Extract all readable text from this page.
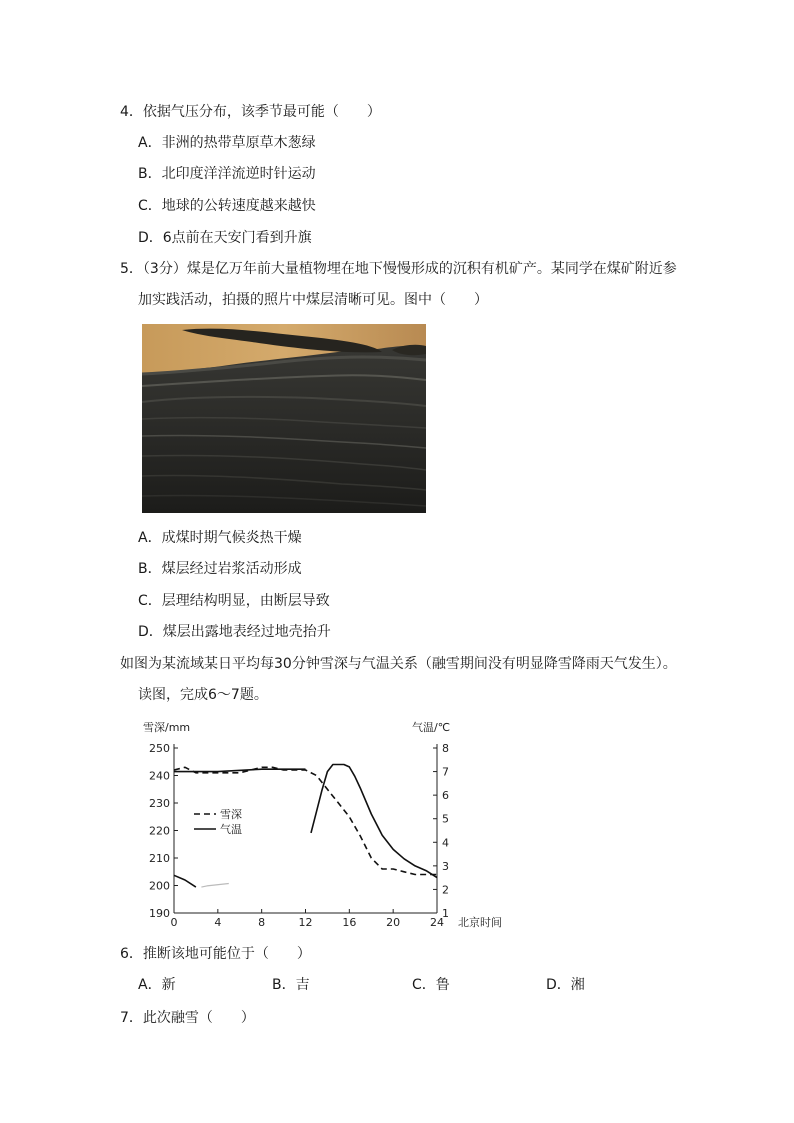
4．依据气压分布，该季节最可能（　　）
A．非洲的热带草原草木葱绿
B．北印度洋洋流逆时针运动
C．地球的公转速度越来越快
D．6点前在天安门看到升旗
5．（3分）煤是亿万年前大量植物埋在地下慢慢形成的沉积有机矿产。某同学在煤矿附近参
加实践活动，拍摄的照片中煤层清晰可见。图中（　　）
A．成煤时期气候炎热干燥
B．煤层经过岩浆活动形成
C．层理结构明显，由断层导致
D．煤层出露地表经过地壳抬升
如图为某流域某日平均每30分钟雪深与气温关系（融雪期间没有明显降雪降雨天气发生）。
读图，完成6～7题。
雪深/mm	气温/℃
北京时间
190
200
210
220
230
240
250
1
2
3
4
5
6
7
8
0	4	8	12	16	20	24
雪深
气温
6．推断该地可能位于（　　）
A．新	B．吉	C．鲁	D．湘
7．此次融雪（　　）
